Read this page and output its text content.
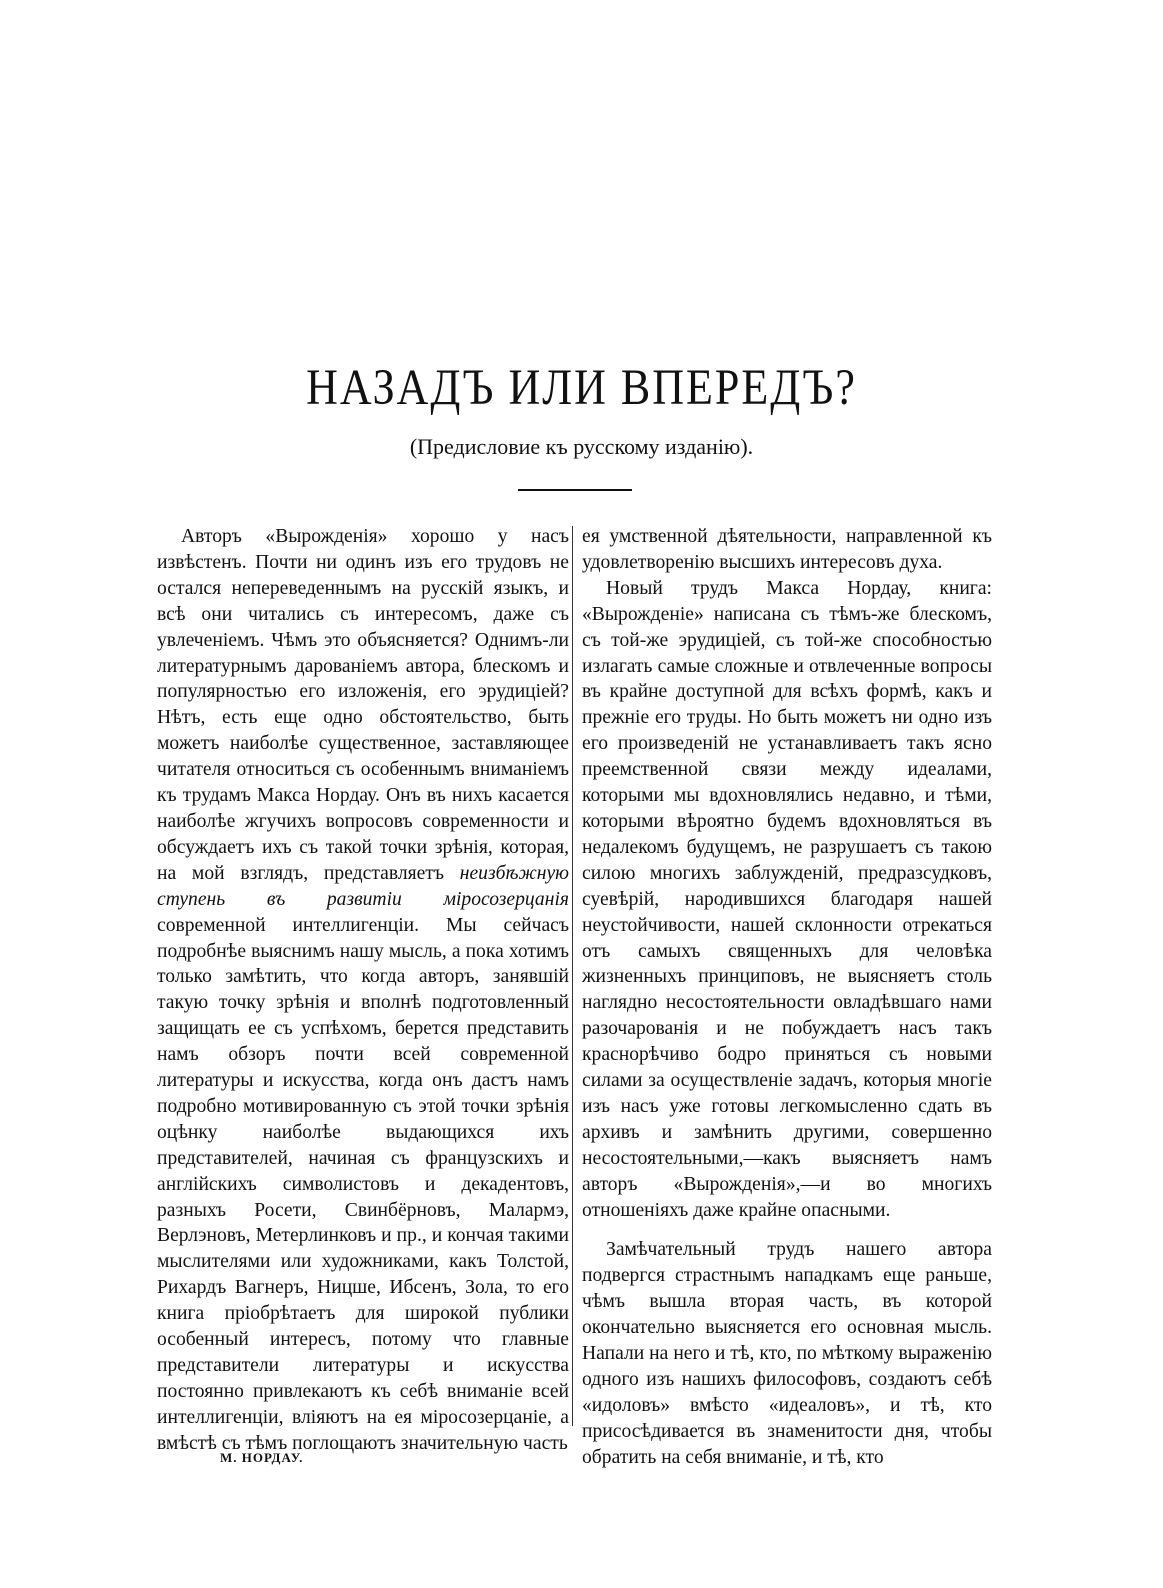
НАЗАДЪ ИЛИ ВПЕРЕДЪ?

(Предисловие къ русскому изданію).

Авторъ «Вырожденія» хорошо у насъ извѣстенъ. Почти ни одинъ изъ его трудовъ не остался непереведеннымъ на русскій языкъ, и всѣ они читались съ интересомъ, даже съ увлеченіемъ. Чѣмъ это объясняется? Однимъ-ли литературнымъ дарованіемъ автора, блескомъ и популярностью его изложенія, его эрудиціей? Нѣтъ, есть еще одно обстоятельство, быть можетъ наиболѣе существенное, заставляющее читателя относиться съ особеннымъ вниманіемъ къ трудамъ Макса Нордау. Онъ въ нихъ касается наиболѣе жгучихъ вопросовъ современности и обсуждаетъ ихъ съ такой точки зрѣнія, которая, на мой взглядъ, представляетъ неизбѣжную ступень въ развитіи міросозерцанія современной интеллигенціи. Мы сейчасъ подробнѣе выяснимъ нашу мысль, а пока хотимъ только замѣтить, что когда авторъ, занявшій такую точку зрѣнія и вполнѣ подготовленный защищать ее съ успѣхомъ, берется представить намъ обзоръ почти всей современной литературы и искусства, когда онъ дастъ намъ подробно мотивированную съ этой точки зрѣнія оцѣнку наиболѣе выдающихся ихъ представителей, начиная съ французскихъ и англійскихъ символистовъ и декадентовъ, разныхъ Росети, Свинбёрновъ, Малармэ, Верлэновъ, Метерлинковъ и пр., и кончая такими мыслителями или художниками, какъ Толстой, Рихардъ Вагнеръ, Ницше, Ибсенъ, Зола, то его книга пріобрѣтаетъ для широкой публики особенный интересъ, потому что главные представители литературы и искусства постоянно привлекаютъ къ себѣ вниманіе всей интеллигенціи, вліяютъ на ея міросозерцаніе, а вмѣстѣ съ тѣмъ поглощаютъ значительную часть

ея умственной дѣятельности, направленной къ удовлетворенію высшихъ интересовъ духа.

Новый трудъ Макса Нордау, книга: «Вырожденіе» написана съ тѣмъ-же блескомъ, съ той-же эрудиціей, съ той-же способностью излагать самые сложные и отвлеченные вопросы въ крайне доступной для всѣхъ формѣ, какъ и прежніе его труды. Но быть можетъ ни одно изъ его произведеній не устанавливаетъ такъ ясно преемственной связи между идеалами, которыми мы вдохновлялись недавно, и тѣми, которыми вѣроятно будемъ вдохновляться въ недалекомъ будущемъ, не разрушаетъ съ такою силою многихъ заблужденій, предразсудковъ, суевѣрій, народившихся благодаря нашей неустойчивости, нашей склонности отрекаться отъ самыхъ священныхъ для человѣка жизненныхъ принциповъ, не выясняетъ столь наглядно несостоятельности овладѣвшаго нами разочарованія и не побуждаетъ насъ такъ краснорѣчиво бодро приняться съ новыми силами за осуществленіе задачъ, которыя многіе изъ насъ уже готовы легкомысленно сдать въ архивъ и замѣнить другими, совершенно несостоятельными,—какъ выясняетъ намъ авторъ «Вырожденія»,—и во многихъ отношеніяхъ даже крайне опасными.

Замѣчательный трудъ нашего автора подвергся страстнымъ нападкамъ еще раньше, чѣмъ вышла вторая часть, въ которой окончательно выясняется его основная мысль. Напали на него и тѣ, кто, по мѣткому выраженію одного изъ нашихъ философовъ, создаютъ себѣ «идоловъ» вмѣсто «идеаловъ», и тѣ, кто присосѣдивается въ знаменитости дня, чтобы обратить на себя вниманіе, и тѣ, кто

М. НОРДАУ.
